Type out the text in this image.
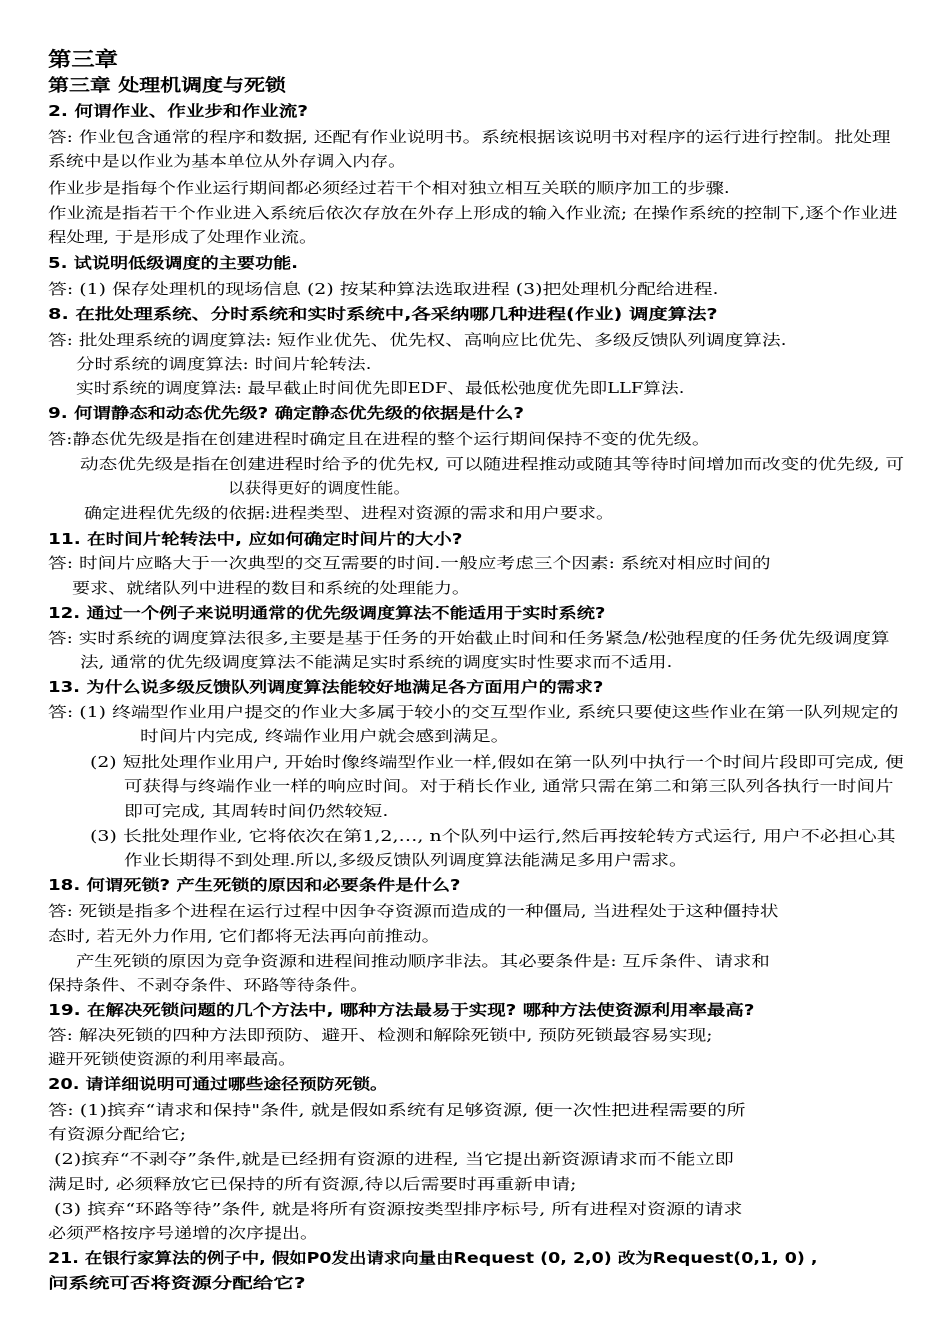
第三章
第三章 处理机调度与死锁
2. 何谓作业、作业步和作业流?
答: 作业包含通常的程序和数据, 还配有作业说明书。系统根据该说明书对程序的运行进行控制。批处理
系统中是以作业为基本单位从外存调入内存。
作业步是指每个作业运行期间都必须经过若干个相对独立相互关联的顺序加工的步骤.
作业流是指若干个作业进入系统后依次存放在外存上形成的输入作业流; 在操作系统的控制下,逐个作业进
程处理, 于是形成了处理作业流。
5. 试说明低级调度的主要功能.
答: (1) 保存处理机的现场信息 (2) 按某种算法选取进程 (3)把处理机分配给进程.
8. 在批处理系统、分时系统和实时系统中,各采纳哪几种进程(作业) 调度算法?
答: 批处理系统的调度算法: 短作业优先、优先权、高响应比优先、多级反馈队列调度算法.
分时系统的调度算法: 时间片轮转法.
实时系统的调度算法: 最早截止时间优先即EDF、最低松弛度优先即LLF算法.
9. 何谓静态和动态优先级? 确定静态优先级的依据是什么?
答:静态优先级是指在创建进程时确定且在进程的整个运行期间保持不变的优先级。
动态优先级是指在创建进程时给予的优先权, 可以随进程推动或随其等待时间增加而改变的优先级, 可
以获得更好的调度性能。
确定进程优先级的依据:进程类型、进程对资源的需求和用户要求。
11. 在时间片轮转法中, 应如何确定时间片的大小?
答: 时间片应略大于一次典型的交互需要的时间.一般应考虑三个因素: 系统对相应时间的
要求、就绪队列中进程的数目和系统的处理能力。
12. 通过一个例子来说明通常的优先级调度算法不能适用于实时系统?
答: 实时系统的调度算法很多,主要是基于任务的开始截止时间和任务紧急/松弛程度的任务优先级调度算
法, 通常的优先级调度算法不能满足实时系统的调度实时性要求而不适用.
13. 为什么说多级反馈队列调度算法能较好地满足各方面用户的需求?
答: (1) 终端型作业用户提交的作业大多属于较小的交互型作业, 系统只要使这些作业在第一队列规定的
时间片内完成, 终端作业用户就会感到满足。
(2) 短批处理作业用户, 开始时像终端型作业一样,假如在第一队列中执行一个时间片段即可完成, 便
可获得与终端作业一样的响应时间。对于稍长作业, 通常只需在第二和第三队列各执行一时间片
即可完成, 其周转时间仍然较短.
(3) 长批处理作业, 它将依次在第1,2,…, n个队列中运行,然后再按轮转方式运行, 用户不必担心其
作业长期得不到处理.所以,多级反馈队列调度算法能满足多用户需求。
18. 何谓死锁? 产生死锁的原因和必要条件是什么?
答: 死锁是指多个进程在运行过程中因争夺资源而造成的一种僵局, 当进程处于这种僵持状
态时, 若无外力作用, 它们都将无法再向前推动。
产生死锁的原因为竞争资源和进程间推动顺序非法。其必要条件是: 互斥条件、请求和
保持条件、不剥夺条件、环路等待条件。
19. 在解决死锁问题的几个方法中, 哪种方法最易于实现? 哪种方法使资源利用率最高?
答: 解决死锁的四种方法即预防、避开、检测和解除死锁中, 预防死锁最容易实现;
避开死锁使资源的利用率最高。
20. 请详细说明可通过哪些途径预防死锁。
答: (1)摈弃“请求和保持"条件, 就是假如系统有足够资源, 便一次性把进程需要的所
有资源分配给它;
(2)摈弃“不剥夺”条件,就是已经拥有资源的进程, 当它提出新资源请求而不能立即
满足时, 必须释放它已保持的所有资源,待以后需要时再重新申请;
(3) 摈弃“环路等待”条件, 就是将所有资源按类型排序标号, 所有进程对资源的请求
必须严格按序号递增的次序提出。
21. 在银行家算法的例子中, 假如P0发出请求向量由Request (0, 2,0) 改为Request(0,1, 0) ,
问系统可否将资源分配给它?
